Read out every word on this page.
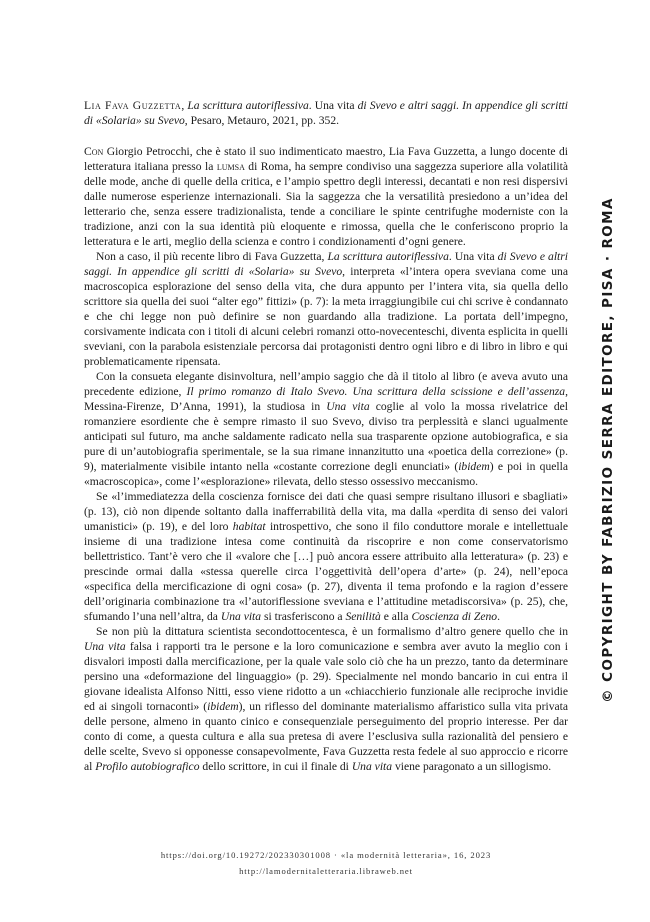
Lia Fava Guzzetta, La scrittura autoriflessiva. Una vita di Svevo e altri saggi. In appendice gli scritti di «Solaria» su Svevo, Pesaro, Metauro, 2021, pp. 352.

Con Giorgio Petrocchi, che è stato il suo indimenticato maestro, Lia Fava Guzzetta, a lungo docente di letteratura italiana presso la lumsa di Roma, ha sempre condiviso una saggezza superiore alla volatilità delle mode, anche di quelle della critica, e l’ampio spettro degli interessi, decantati e non resi dispersivi dalle numerose esperienze internazionali. Sia la saggezza che la versatilità presiedono a un’idea del letterario che, senza essere tradizionalista, tende a conciliare le spinte centrifughe moderniste con la tradizione, anzi con la sua identità più eloquente e rimossa, quella che le conferiscono proprio la letteratura e le arti, meglio della scienza e contro i condizionamenti d’ogni genere.

Non a caso, il più recente libro di Fava Guzzetta, La scrittura autoriflessiva. Una vita di Svevo e altri saggi. In appendice gli scritti di «Solaria» su Svevo, interpreta «l’intera opera sveviana come una macroscopica esplorazione del senso della vita, che dura appunto per l’intera vita, sia quella dello scrittore sia quella dei suoi “alter ego” fittizi» (p. 7): la meta irraggiungibile cui chi scrive è condannato e che chi legge non può definire se non guardando alla tradizione. La portata dell’impegno, corsivamente indicata con i titoli di alcuni celebri romanzi otto-novecenteschi, diventa esplicita in quelli sveviani, con la parabola esistenziale percorsa dai protagonisti dentro ogni libro e di libro in libro e qui problematicamente ripensata.

Con la consueta elegante disinvoltura, nell’ampio saggio che dà il titolo al libro (e aveva avuto una precedente edizione, Il primo romanzo di Italo Svevo. Una scrittura della scissione e dell’assenza, Messina-Firenze, D’Anna, 1991), la studiosa in Una vita coglie al volo la mossa rivelatrice del romanziere esordiente che è sempre rimasto il suo Svevo, diviso tra perplessità e slanci ugualmente anticipati sul futuro, ma anche saldamente radicato nella sua trasparente opzione autobiografica, e sia pure di un’autobiografia sperimentale, se la sua rimane innanzitutto una «poetica della correzione» (p. 9), materialmente visibile intanto nella «costante correzione degli enunciati» (ibidem) e poi in quella «macroscopica», come l’«esplorazione» rilevata, dello stesso ossessivo meccanismo.

Se «l’immediatezza della coscienza fornisce dei dati che quasi sempre risultano illusori e sbagliati» (p. 13), ciò non dipende soltanto dalla inafferrabilità della vita, ma dalla «perdita di senso dei valori umanistici» (p. 19), e del loro habitat introspettivo, che sono il filo conduttore morale e intellettuale insieme di una tradizione intesa come continuità da riscoprire e non come conservatorismo bellettristico. Tant’è vero che il «valore che […] può ancora essere attribuito alla letteratura» (p. 23) e prescinde ormai dalla «stessa querelle circa l’oggettività dell’opera d’arte» (p. 24), nell’epoca «specifica della mercificazione di ogni cosa» (p. 27), diventa il tema profondo e la ragion d’essere dell’originaria combinazione tra «l’autoriflessione sveviana e l’attitudine metadiscorsiva» (p. 25), che, sfumando l’una nell’altra, da Una vita si trasferiscono a Senilità e alla Coscienza di Zeno.

Se non più la dittatura scientista secondottocentesca, è un formalismo d’altro genere quello che in Una vita falsa i rapporti tra le persone e la loro comunicazione e sembra aver avuto la meglio con i disvalori imposti dalla mercificazione, per la quale vale solo ciò che ha un prezzo, tanto da determinare persino una «deformazione del linguaggio» (p. 29). Specialmente nel mondo bancario in cui entra il giovane idealista Alfonso Nitti, esso viene ridotto a un «chiacchierio funzionale alle reciproche invidie ed ai singoli tornaconti» (ibidem), un riflesso del dominante materialismo affaristico sulla vita privata delle persone, almeno in quanto cinico e consequenziale perseguimento del proprio interesse. Per dar conto di come, a questa cultura e alla sua pretesa di avere l’esclusiva sulla razionalità del pensiero e delle scelte, Svevo si opponesse consapevolmente, Fava Guzzetta resta fedele al suo approccio e ricorre al Profilo autobiografico dello scrittore, in cui il finale di Una vita viene paragonato a un sillogismo.

https://doi.org/10.19272/202330301008 · «la modernità letteraria», 16, 2023
http://lamodernitaletteraria.libraweb.net
© COPYRIGHT BY FABRIZIO SERRA EDITORE, PISA · ROMA
